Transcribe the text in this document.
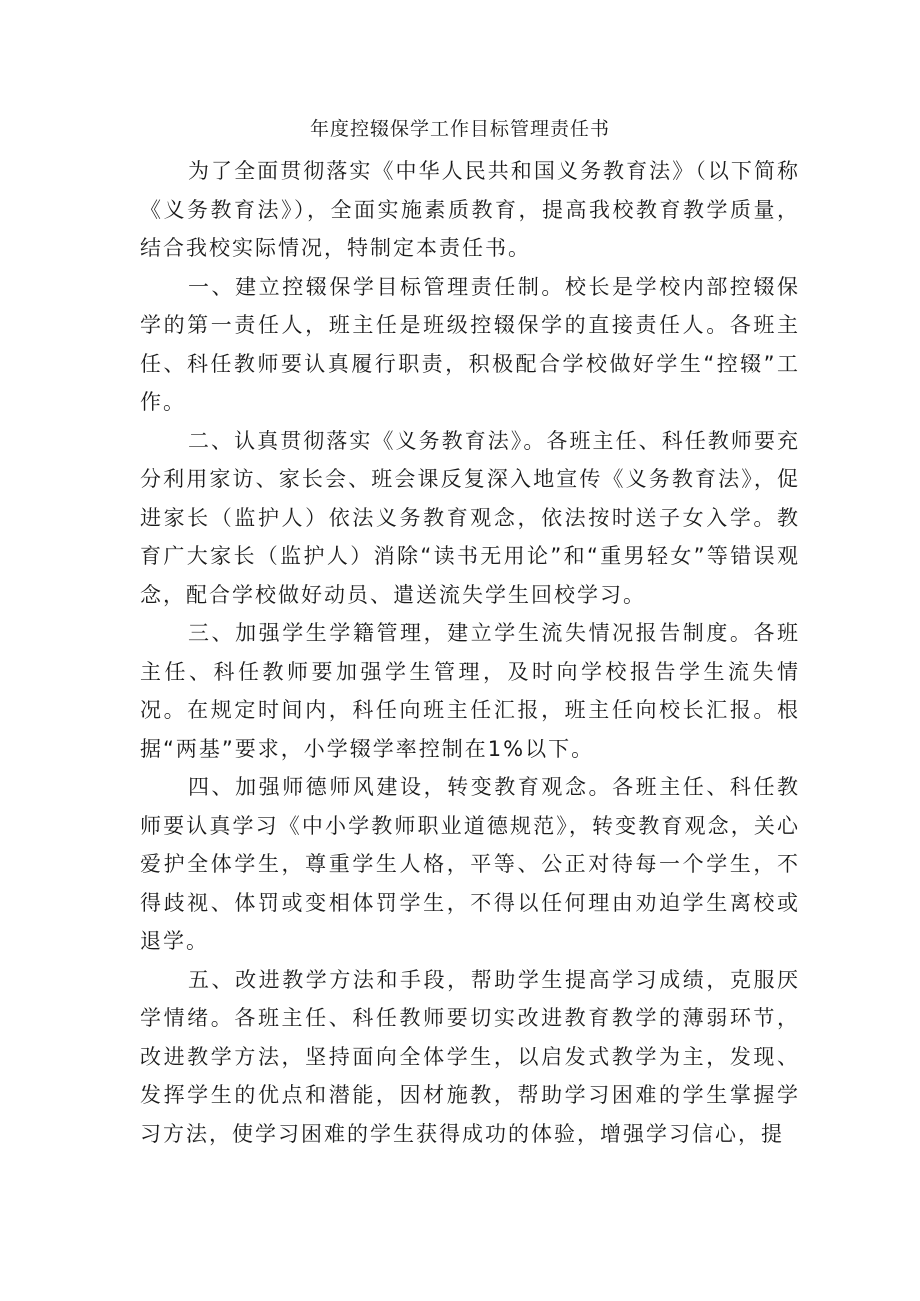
年度控辍保学工作目标管理责任书

为了全面贯彻落实《中华人民共和国义务教育法》（以下简称《义务教育法》），全面实施素质教育，提高我校教育教学质量，结合我校实际情况，特制定本责任书。

一、建立控辍保学目标管理责任制。校长是学校内部控辍保学的第一责任人，班主任是班级控辍保学的直接责任人。各班主任、科任教师要认真履行职责，积极配合学校做好学生“控辍”工作。

二、认真贯彻落实《义务教育法》。各班主任、科任教师要充分利用家访、家长会、班会课反复深入地宣传《义务教育法》，促进家长（监护人）依法义务教育观念，依法按时送子女入学。教育广大家长（监护人）消除“读书无用论”和“重男轻女”等错误观念，配合学校做好动员、遣送流失学生回校学习。

三、加强学生学籍管理，建立学生流失情况报告制度。各班主任、科任教师要加强学生管理，及时向学校报告学生流失情况。在规定时间内，科任向班主任汇报，班主任向校长汇报。根据“两基”要求，小学辍学率控制在1%以下。

四、加强师德师风建设，转变教育观念。各班主任、科任教师要认真学习《中小学教师职业道德规范》，转变教育观念，关心爱护全体学生，尊重学生人格，平等、公正对待每一个学生，不得歧视、体罚或变相体罚学生，不得以任何理由劝迫学生离校或退学。

五、改进教学方法和手段，帮助学生提高学习成绩，克服厌学情绪。各班主任、科任教师要切实改进教育教学的薄弱环节，改进教学方法，坚持面向全体学生，以启发式教学为主，发现、发挥学生的优点和潜能，因材施教，帮助学习困难的学生掌握学习方法，使学习困难的学生获得成功的体验，增强学习信心，提
